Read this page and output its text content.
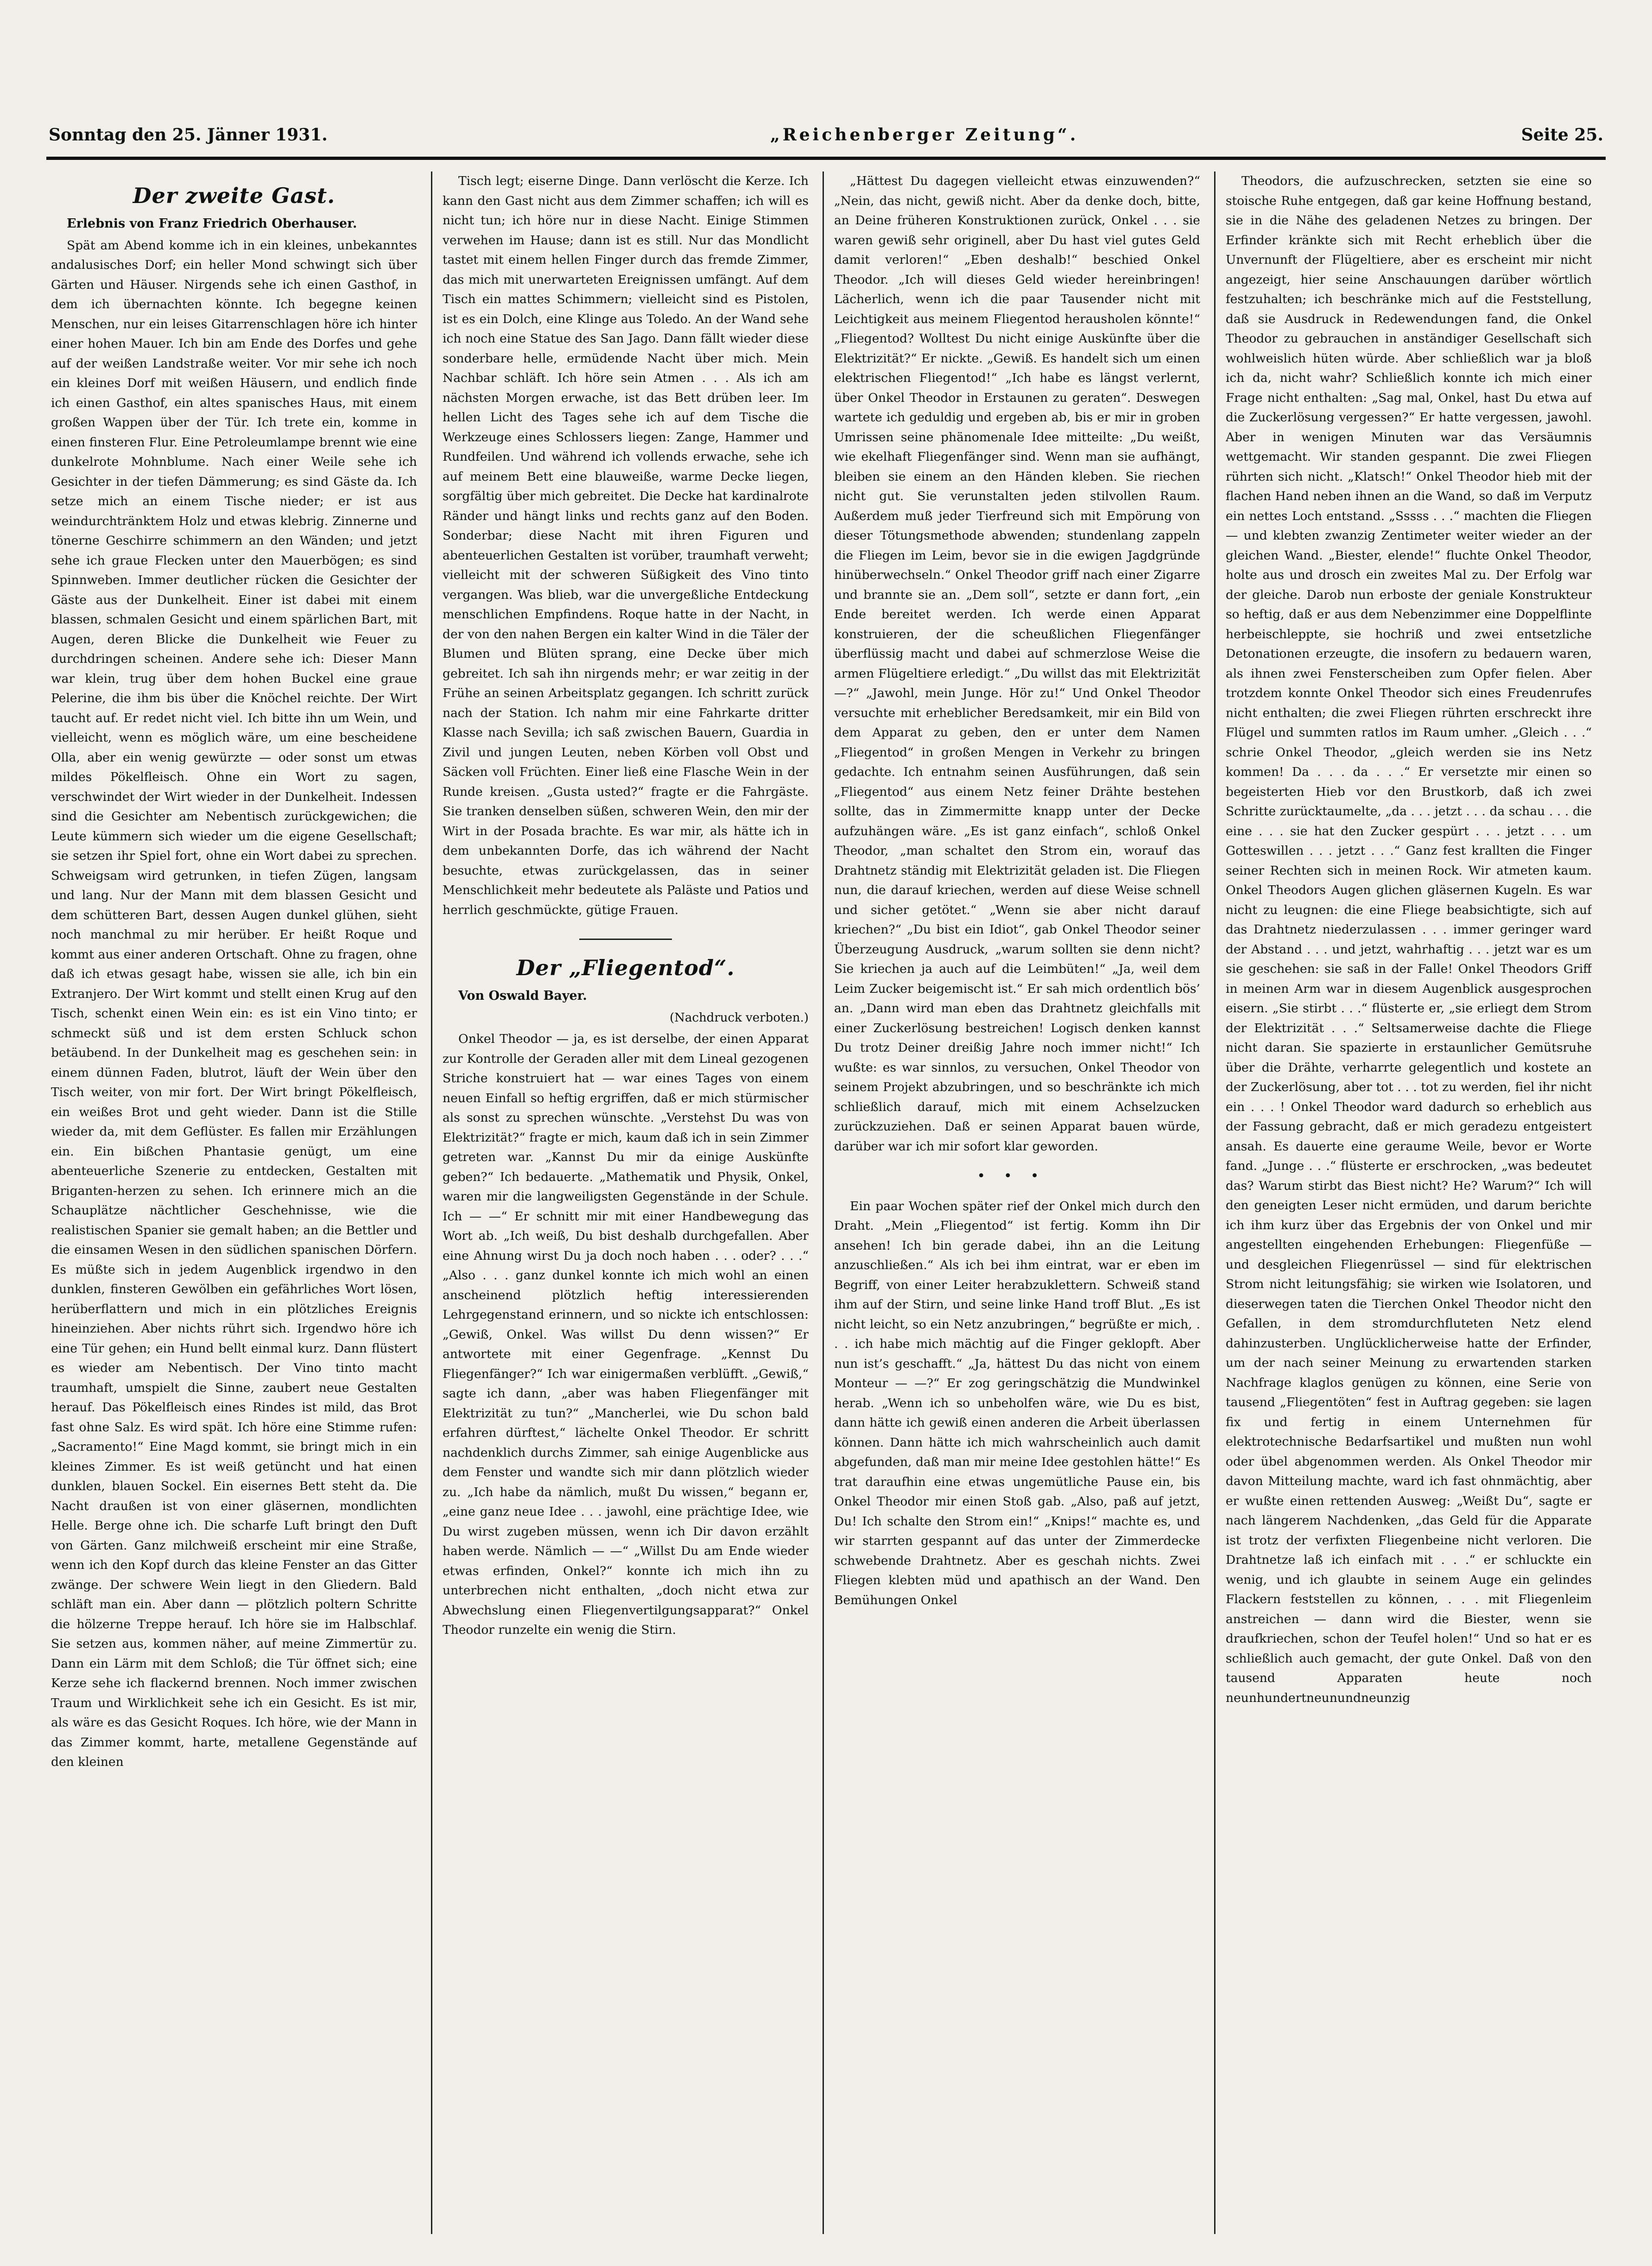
Sonntag den 25. Jänner 1931.	„Reichenberger Zeitung“.	Seite 25.
Der zweite Gast.
Erlebnis von Franz Friedrich Oberhauser.

Spät am Abend komme ich in ein kleines, unbekanntes andalusisches Dorf; ein heller Mond schwingt sich über Gärten und Häuser. Nirgends sehe ich einen Gasthof, in dem ich übernachten könnte. Ich begegne keinen Menschen, nur ein leises Gitarrenschlagen höre ich hinter einer hohen Mauer. Ich bin am Ende des Dorfes und gehe auf der weißen Landstraße weiter. Vor mir sehe ich noch ein kleines Dorf mit weißen Häusern, und endlich finde ich einen Gasthof, ein altes spanisches Haus, mit einem großen Wappen über der Tür. Ich trete ein, komme in einen finsteren Flur. Eine Petroleumlampe brennt wie eine dunkelrote Mohnblume. Nach einer Weile sehe ich Gesichter in der tiefen Dämmerung; es sind Gäste da. Ich setze mich an einem Tische nieder; er ist aus weindurchtränktem Holz und etwas klebrig. Zinnerne und tönerne Geschirre schimmern an den Wänden; und jetzt sehe ich graue Flecken unter den Mauerbögen; es sind Spinnweben. Immer deutlicher rücken die Gesichter der Gäste aus der Dunkelheit. Einer ist dabei mit einem blassen, schmalen Gesicht und einem spärlichen Bart, mit Augen, deren Blicke die Dunkelheit wie Feuer zu durchdringen scheinen. Andere sehe ich: Dieser Mann war klein, trug über dem hohen Buckel eine graue Pelerine, die ihm bis über die Knöchel reichte. Der Wirt taucht auf. Er redet nicht viel. Ich bitte ihn um Wein, und vielleicht, wenn es möglich wäre, um eine bescheidene Olla, aber ein wenig gewürzte — oder sonst um etwas mildes Pökelfleisch. Ohne ein Wort zu sagen, verschwindet der Wirt wieder in der Dunkelheit. Indessen sind die Gesichter am Nebentisch zurückgewichen; die Leute kümmern sich wieder um die eigene Gesellschaft; sie setzen ihr Spiel fort, ohne ein Wort dabei zu sprechen. Schweigsam wird getrunken, in tiefen Zügen, langsam und lang. Nur der Mann mit dem blassen Gesicht und dem schütteren Bart, dessen Augen dunkel glühen, sieht noch manchmal zu mir herüber. Er heißt Roque und kommt aus einer anderen Ortschaft. Ohne zu fragen, ohne daß ich etwas gesagt habe, wissen sie alle, ich bin ein Extranjero. Der Wirt kommt und stellt einen Krug auf den Tisch, schenkt einen Wein ein: es ist ein Vino tinto; er schmeckt süß und ist dem ersten Schluck schon betäubend. In der Dunkelheit mag es geschehen sein: in einem dünnen Faden, blutrot, läuft der Wein über den Tisch weiter, von mir fort. Der Wirt bringt Pökelfleisch, ein weißes Brot und geht wieder. Dann ist die Stille wieder da, mit dem Geflüster. Es fallen mir Erzählungen ein. Ein bißchen Phantasie genügt, um eine abenteuerliche Szenerie zu entdecken, Gestalten mit Briganten-herzen zu sehen. Ich erinnere mich an die Schauplätze nächtlicher Geschehnisse, wie die realistischen Spanier sie gemalt haben; an die Bettler und die einsamen Wesen in den südlichen spanischen Dörfern. Es müßte sich in jedem Augenblick irgendwo in den dunklen, finsteren Gewölben ein gefährliches Wort lösen, herüberflattern und mich in ein plötzliches Ereignis hineinziehen. Aber nichts rührt sich. Irgendwo höre ich eine Tür gehen; ein Hund bellt einmal kurz. Dann flüstert es wieder am Nebentisch. Der Vino tinto macht traumhaft, umspielt die Sinne, zaubert neue Gestalten herauf. Das Pökelfleisch eines Rindes ist mild, das Brot fast ohne Salz. Es wird spät. Ich höre eine Stimme rufen: „Sacramento!“ Eine Magd kommt, sie bringt mich in ein kleines Zimmer. Es ist weiß getüncht und hat einen dunklen, blauen Sockel. Ein eisernes Bett steht da. Die Nacht draußen ist von einer gläsernen, mondlichten Helle. Berge ohne ich. Die scharfe Luft bringt den Duft von Gärten. Ganz milchweiß erscheint mir eine Straße, wenn ich den Kopf durch das kleine Fenster an das Gitter zwänge. Der schwere Wein liegt in den Gliedern. Bald schläft man ein. Aber dann — plötzlich poltern Schritte die hölzerne Treppe herauf. Ich höre sie im Halbschlaf. Sie setzen aus, kommen näher, auf meine Zimmertür zu. Dann ein Lärm mit dem Schloß; die Tür öffnet sich; eine Kerze sehe ich flackernd brennen. Noch immer zwischen Traum und Wirklichkeit sehe ich ein Gesicht. Es ist mir, als wäre es das Gesicht Roques. Ich höre, wie der Mann in das Zimmer kommt, harte, metallene Gegenstände auf den kleinen

Tisch legt; eiserne Dinge. Dann verlöscht die Kerze. Ich kann den Gast nicht aus dem Zimmer schaffen; ich will es nicht tun; ich höre nur in diese Nacht. Einige Stimmen verwehen im Hause; dann ist es still. Nur das Mondlicht tastet mit einem hellen Finger durch das fremde Zimmer, das mich mit unerwarteten Ereignissen umfängt. Auf dem Tisch ein mattes Schimmern; vielleicht sind es Pistolen, ist es ein Dolch, eine Klinge aus Toledo. An der Wand sehe ich noch eine Statue des San Jago. Dann fällt wieder diese sonderbare helle, ermüdende Nacht über mich. Mein Nachbar schläft. Ich höre sein Atmen . . . Als ich am nächsten Morgen erwache, ist das Bett drüben leer. Im hellen Licht des Tages sehe ich auf dem Tische die Werkzeuge eines Schlossers liegen: Zange, Hammer und Rundfeilen. Und während ich vollends erwache, sehe ich auf meinem Bett eine blauweiße, warme Decke liegen, sorgfältig über mich gebreitet. Die Decke hat kardinalrote Ränder und hängt links und rechts ganz auf den Boden. Sonderbar; diese Nacht mit ihren Figuren und abenteuerlichen Gestalten ist vorüber, traumhaft verweht; vielleicht mit der schweren Süßigkeit des Vino tinto vergangen. Was blieb, war die unvergeßliche Entdeckung menschlichen Empfindens. Roque hatte in der Nacht, in der von den nahen Bergen ein kalter Wind in die Täler der Blumen und Blüten sprang, eine Decke über mich gebreitet. Ich sah ihn nirgends mehr; er war zeitig in der Frühe an seinen Arbeitsplatz gegangen. Ich schritt zurück nach der Station. Ich nahm mir eine Fahrkarte dritter Klasse nach Sevilla; ich saß zwischen Bauern, Guardia in Zivil und jungen Leuten, neben Körben voll Obst und Säcken voll Früchten. Einer ließ eine Flasche Wein in der Runde kreisen. „Gusta usted?“ fragte er die Fahrgäste. Sie tranken denselben süßen, schweren Wein, den mir der Wirt in der Posada brachte. Es war mir, als hätte ich in dem unbekannten Dorfe, das ich während der Nacht besuchte, etwas zurückgelassen, das in seiner Menschlichkeit mehr bedeutete als Paläste und Patios und herrlich geschmückte, gütige Frauen.

Der „Fliegentod“.
Von Oswald Bayer.
(Nachdruck verboten.)

Onkel Theodor — ja, es ist derselbe, der einen Apparat zur Kontrolle der Geraden aller mit dem Lineal gezogenen Striche konstruiert hat — war eines Tages von einem neuen Einfall so heftig ergriffen, daß er mich stürmischer als sonst zu sprechen wünschte. „Verstehst Du was von Elektrizität?“ fragte er mich, kaum daß ich in sein Zimmer getreten war. „Kannst Du mir da einige Auskünfte geben?“ Ich bedauerte. „Mathematik und Physik, Onkel, waren mir die langweiligsten Gegenstände in der Schule. Ich — —“ Er schnitt mir mit einer Handbewegung das Wort ab. „Ich weiß, Du bist deshalb durchgefallen. Aber eine Ahnung wirst Du ja doch noch haben . . . oder? . . .“ „Also . . . ganz dunkel konnte ich mich wohl an einen anscheinend plötzlich heftig interessierenden Lehrgegenstand erinnern, und so nickte ich entschlossen: „Gewiß, Onkel. Was willst Du denn wissen?“ Er antwortete mit einer Gegenfrage. „Kennst Du Fliegenfänger?“ Ich war einigermaßen verblüfft. „Gewiß,“ sagte ich dann, „aber was haben Fliegenfänger mit Elektrizität zu tun?“ „Mancherlei, wie Du schon bald erfahren dürftest,“ lächelte Onkel Theodor. Er schritt nachdenklich durchs Zimmer, sah einige Augenblicke aus dem Fenster und wandte sich mir dann plötzlich wieder zu. „Ich habe da nämlich, mußt Du wissen,“ begann er, „eine ganz neue Idee . . . jawohl, eine prächtige Idee, wie Du wirst zugeben müssen, wenn ich Dir davon erzählt haben werde. Nämlich — —“ „Willst Du am Ende wieder etwas erfinden, Onkel?“ konnte ich mich ihn zu unterbrechen nicht enthalten, „doch nicht etwa zur Abwechslung einen Fliegenvertilgungsapparat?“ Onkel Theodor runzelte ein wenig die Stirn.

„Hättest Du dagegen vielleicht etwas einzuwenden?“ „Nein, das nicht, gewiß nicht. Aber da denke doch, bitte, an Deine früheren Konstruktionen zurück, Onkel . . . sie waren gewiß sehr originell, aber Du hast viel gutes Geld damit verloren!“ „Eben deshalb!“ beschied Onkel Theodor. „Ich will dieses Geld wieder hereinbringen! Lächerlich, wenn ich die paar Tausender nicht mit Leichtigkeit aus meinem Fliegentod herausholen könnte!“ „Fliegentod? Wolltest Du nicht einige Auskünfte über die Elektrizität?“ Er nickte. „Gewiß. Es handelt sich um einen elektrischen Fliegentod!“ „Ich habe es längst verlernt, über Onkel Theodor in Erstaunen zu geraten“. Deswegen wartete ich geduldig und ergeben ab, bis er mir in groben Umrissen seine phänomenale Idee mitteilte: „Du weißt, wie ekelhaft Fliegenfänger sind. Wenn man sie aufhängt, bleiben sie einem an den Händen kleben. Sie riechen nicht gut. Sie verunstalten jeden stilvollen Raum. Außerdem muß jeder Tierfreund sich mit Empörung von dieser Tötungsmethode abwenden; stundenlang zappeln die Fliegen im Leim, bevor sie in die ewigen Jagdgründe hinüberwechseln.“ Onkel Theodor griff nach einer Zigarre und brannte sie an. „Dem soll“, setzte er dann fort, „ein Ende bereitet werden. Ich werde einen Apparat konstruieren, der die scheußlichen Fliegenfänger überflüssig macht und dabei auf schmerzlose Weise die armen Flügeltiere erledigt.“ „Du willst das mit Elektrizität —?“ „Jawohl, mein Junge. Hör zu!“ Und Onkel Theodor versuchte mit erheblicher Beredsamkeit, mir ein Bild von dem Apparat zu geben, den er unter dem Namen „Fliegentod“ in großen Mengen in Verkehr zu bringen gedachte. Ich entnahm seinen Ausführungen, daß sein „Fliegentod“ aus einem Netz feiner Drähte bestehen sollte, das in Zimmermitte knapp unter der Decke aufzuhängen wäre. „Es ist ganz einfach“, schloß Onkel Theodor, „man schaltet den Strom ein, worauf das Drahtnetz ständig mit Elektrizität geladen ist. Die Fliegen nun, die darauf kriechen, werden auf diese Weise schnell und sicher getötet.“ „Wenn sie aber nicht darauf kriechen?“ „Du bist ein Idiot“, gab Onkel Theodor seiner Überzeugung Ausdruck, „warum sollten sie denn nicht? Sie kriechen ja auch auf die Leimbüten!“ „Ja, weil dem Leim Zucker beigemischt ist.“ Er sah mich ordentlich bös’ an. „Dann wird man eben das Drahtnetz gleichfalls mit einer Zuckerlösung bestreichen! Logisch denken kannst Du trotz Deiner dreißig Jahre noch immer nicht!“ Ich wußte: es war sinnlos, zu versuchen, Onkel Theodor von seinem Projekt abzubringen, und so beschränkte ich mich schließlich darauf, mich mit einem Achselzucken zurückzuziehen. Daß er seinen Apparat bauen würde, darüber war ich mir sofort klar geworden.

•••

Ein paar Wochen später rief der Onkel mich durch den Draht. „Mein „Fliegentod“ ist fertig. Komm ihn Dir ansehen! Ich bin gerade dabei, ihn an die Leitung anzuschließen.“ Als ich bei ihm eintrat, war er eben im Begriff, von einer Leiter herabzuklettern. Schweiß stand ihm auf der Stirn, und seine linke Hand troff Blut. „Es ist nicht leicht, so ein Netz anzubringen,“ begrüßte er mich, . . . ich habe mich mächtig auf die Finger geklopft. Aber nun ist’s geschafft.“ „Ja, hättest Du das nicht von einem Monteur — —?“ Er zog geringschätzig die Mundwinkel herab. „Wenn ich so unbeholfen wäre, wie Du es bist, dann hätte ich gewiß einen anderen die Arbeit überlassen können. Dann hätte ich mich wahrscheinlich auch damit abgefunden, daß man mir meine Idee gestohlen hätte!“ Es trat daraufhin eine etwas ungemütliche Pause ein, bis Onkel Theodor mir einen Stoß gab. „Also, paß auf jetzt, Du! Ich schalte den Strom ein!“ „Knips!“ machte es, und wir starrten gespannt auf das unter der Zimmerdecke schwebende Drahtnetz. Aber es geschah nichts. Zwei Fliegen klebten müd und apathisch an der Wand. Den Bemühungen Onkel

Theodors, die aufzuschrecken, setzten sie eine so stoische Ruhe entgegen, daß gar keine Hoffnung bestand, sie in die Nähe des geladenen Netzes zu bringen. Der Erfinder kränkte sich mit Recht erheblich über die Unvernunft der Flügeltiere, aber es erscheint mir nicht angezeigt, hier seine Anschauungen darüber wörtlich festzuhalten; ich beschränke mich auf die Feststellung, daß sie Ausdruck in Redewendungen fand, die Onkel Theodor zu gebrauchen in anständiger Gesellschaft sich wohlweislich hüten würde. Aber schließlich war ja bloß ich da, nicht wahr? Schließlich konnte ich mich einer Frage nicht enthalten: „Sag mal, Onkel, hast Du etwa auf die Zuckerlösung vergessen?“ Er hatte vergessen, jawohl. Aber in wenigen Minuten war das Versäumnis wettgemacht. Wir standen gespannt. Die zwei Fliegen rührten sich nicht. „Klatsch!“ Onkel Theodor hieb mit der flachen Hand neben ihnen an die Wand, so daß im Verputz ein nettes Loch entstand. „Sssss . . .“ machten die Fliegen — und klebten zwanzig Zentimeter weiter wieder an der gleichen Wand. „Biester, elende!“ fluchte Onkel Theodor, holte aus und drosch ein zweites Mal zu. Der Erfolg war der gleiche. Darob nun erboste der geniale Konstrukteur so heftig, daß er aus dem Nebenzimmer eine Doppelflinte herbeischleppte, sie hochriß und zwei entsetzliche Detonationen erzeugte, die insofern zu bedauern waren, als ihnen zwei Fensterscheiben zum Opfer fielen. Aber trotzdem konnte Onkel Theodor sich eines Freudenrufes nicht enthalten; die zwei Fliegen rührten erschreckt ihre Flügel und summten ratlos im Raum umher. „Gleich . . .“ schrie Onkel Theodor, „gleich werden sie ins Netz kommen! Da . . . da . . .“ Er versetzte mir einen so begeisterten Hieb vor den Brustkorb, daß ich zwei Schritte zurücktaumelte, „da . . . jetzt . . . da schau . . . die eine . . . sie hat den Zucker gespürt . . . jetzt . . . um Gotteswillen . . . jetzt . . .“ Ganz fest krallten die Finger seiner Rechten sich in meinen Rock. Wir atmeten kaum. Onkel Theodors Augen glichen gläsernen Kugeln. Es war nicht zu leugnen: die eine Fliege beabsichtigte, sich auf das Drahtnetz niederzulassen . . . immer geringer ward der Abstand . . . und jetzt, wahrhaftig . . . jetzt war es um sie geschehen: sie saß in der Falle! Onkel Theodors Griff in meinen Arm war in diesem Augenblick ausgesprochen eisern. „Sie stirbt . . .“ flüsterte er, „sie erliegt dem Strom der Elektrizität . . .“ Seltsamerweise dachte die Fliege nicht daran. Sie spazierte in erstaunlicher Gemütsruhe über die Drähte, verharrte gelegentlich und kostete an der Zuckerlösung, aber tot . . . tot zu werden, fiel ihr nicht ein . . . ! Onkel Theodor ward dadurch so erheblich aus der Fassung gebracht, daß er mich geradezu entgeistert ansah. Es dauerte eine geraume Weile, bevor er Worte fand. „Junge . . .“ flüsterte er erschrocken, „was bedeutet das? Warum stirbt das Biest nicht? He? Warum?“ Ich will den geneigten Leser nicht ermüden, und darum berichte ich ihm kurz über das Ergebnis der von Onkel und mir angestellten eingehenden Erhebungen: Fliegenfüße — und desgleichen Fliegenrüssel — sind für elektrischen Strom nicht leitungsfähig; sie wirken wie Isolatoren, und dieserwegen taten die Tierchen Onkel Theodor nicht den Gefallen, in dem stromdurchfluteten Netz elend dahinzusterben. Unglücklicherweise hatte der Erfinder, um der nach seiner Meinung zu erwartenden starken Nachfrage klaglos genügen zu können, eine Serie von tausend „Fliegentöten“ fest in Auftrag gegeben: sie lagen fix und fertig in einem Unternehmen für elektrotechnische Bedarfsartikel und mußten nun wohl oder übel abgenommen werden. Als Onkel Theodor mir davon Mitteilung machte, ward ich fast ohnmächtig, aber er wußte einen rettenden Ausweg: „Weißt Du“, sagte er nach längerem Nachdenken, „das Geld für die Apparate ist trotz der verfixten Fliegenbeine nicht verloren. Die Drahtnetze laß ich einfach mit . . .“ er schluckte ein wenig, und ich glaubte in seinem Auge ein gelindes Flackern feststellen zu können, . . . mit Fliegenleim anstreichen — dann wird die Biester, wenn sie draufkriechen, schon der Teufel holen!“ Und so hat er es schließlich auch gemacht, der gute Onkel. Daß von den tausend Apparaten heute noch neunhundertneunundneunzig
